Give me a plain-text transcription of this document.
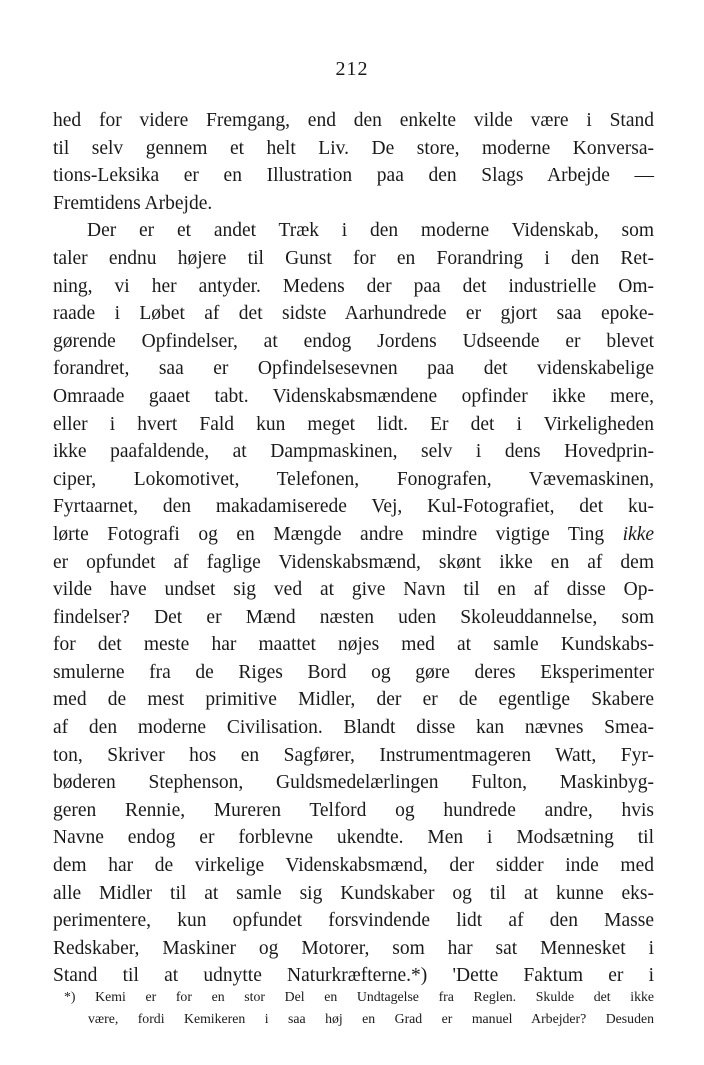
212
hed for videre Fremgang, end den enkelte vilde være i Stand
til selv gennem et helt Liv. De store, moderne Konversa-
tions-Leksika er en Illustration paa den Slags Arbejde —
Fremtidens Arbejde.
Der er et andet Træk i den moderne Videnskab, som
taler endnu højere til Gunst for en Forandring i den Ret-
ning, vi her antyder. Medens der paa det industrielle Om-
raade i Løbet af det sidste Aarhundrede er gjort saa epoke-
gørende Opfindelser, at endog Jordens Udseende er blevet
forandret, saa er Opfindelsesevnen paa det videnskabelige
Omraade gaaet tabt. Videnskabsmændene opfinder ikke mere,
eller i hvert Fald kun meget lidt. Er det i Virkeligheden
ikke paafaldende, at Dampmaskinen, selv i dens Hovedprin-
ciper, Lokomotivet, Telefonen, Fonografen, Vævemaskinen,
Fyrtaarnet, den makadamiserede Vej, Kul-Fotografiet, det ku-
lørte Fotografi og en Mængde andre mindre vigtige Ting ikke
er opfundet af faglige Videnskabsmænd, skønt ikke en af dem
vilde have undset sig ved at give Navn til en af disse Op-
findelser? Det er Mænd næsten uden Skoleuddannelse, som
for det meste har maattet nøjes med at samle Kundskabs-
smulerne fra de Riges Bord og gøre deres Eksperimenter
med de mest primitive Midler, der er de egentlige Skabere
af den moderne Civilisation. Blandt disse kan nævnes Smea-
ton, Skriver hos en Sagfører, Instrumentmageren Watt, Fyr-
bøderen Stephenson, Guldsmedelærlingen Fulton, Maskinbyg-
geren Rennie, Mureren Telford og hundrede andre, hvis
Navne endog er forblevne ukendte. Men i Modsætning til
dem har de virkelige Videnskabsmænd, der sidder inde med
alle Midler til at samle sig Kundskaber og til at kunne eks-
perimentere, kun opfundet forsvindende lidt af den Masse
Redskaber, Maskiner og Motorer, som har sat Mennesket i
Stand til at udnytte Naturkræfterne.*) 'Dette Faktum er i
*) Kemi er for en stor Del en Undtagelse fra Reglen. Skulde det ikke
være, fordi Kemikeren i saa høj en Grad er manuel Arbejder? Desuden
